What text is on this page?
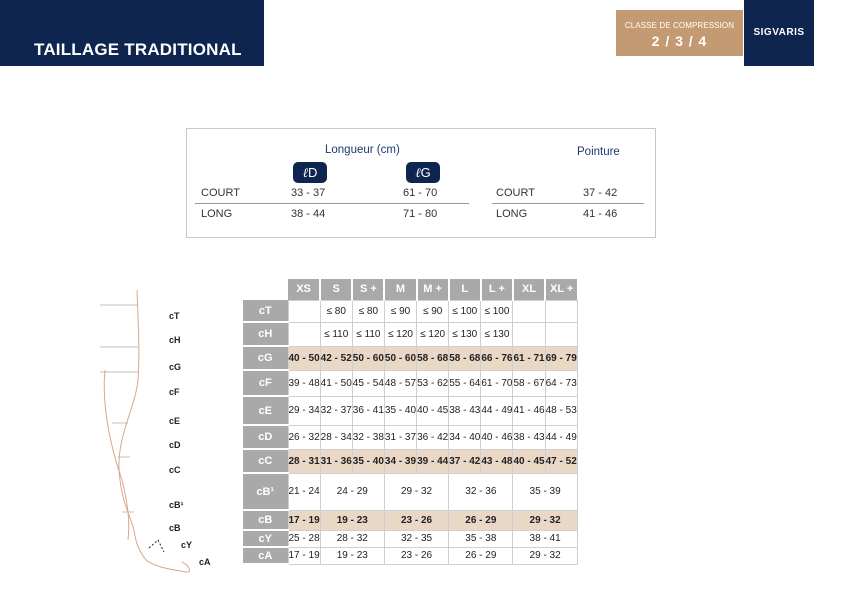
TAILLAGE TRADITIONAL
CLASSE DE COMPRESSION
2 / 3 / 4
SIGVARIS
Longueur (cm)	Pointure
ℓD	ℓG
COURT	33 - 37	61 - 70	COURT	37 - 42
LONG	38 - 44	71 - 80	LONG	41 - 46
cT
cH
cG
cF
cE
cD
cC
cB¹
cB
cY
cA
	XS	S	S +	M	M +	L	L +	XL	XL +
cT		≤ 80	≤ 80	≤ 90	≤ 90	≤ 100	≤ 100		
cH		≤ 110	≤ 110	≤ 120	≤ 120	≤ 130	≤ 130		
cG	40 - 50	42 - 52	50 - 60	50 - 60	58 - 68	58 - 68	66 - 76	61 - 71	69 - 79
cF	39 - 48	41 - 50	45 - 54	48 - 57	53 - 62	55 - 64	61 - 70	58 - 67	64 - 73
cE	29 - 34	32 - 37	36 - 41	35 - 40	40 - 45	38 - 43	44 - 49	41 - 46	48 - 53
cD	26 - 32	28 - 34	32 - 38	31 - 37	36 - 42	34 - 40	40 - 46	38 - 43	44 - 49
cC	28 - 31	31 - 36	35 - 40	34 - 39	39 - 44	37 - 42	43 - 48	40 - 45	47 - 52
cB¹	21 - 24	24 - 29		29 - 32		32 - 36		35 - 39	
cB	17 - 19	19 - 23		23 - 26		26 - 29		29 - 32	
cY	25 - 28	28 - 32		32 - 35		35 - 38		38 - 41	
cA	17 - 19	19 - 23		23 - 26		26 - 29		29 - 32	
